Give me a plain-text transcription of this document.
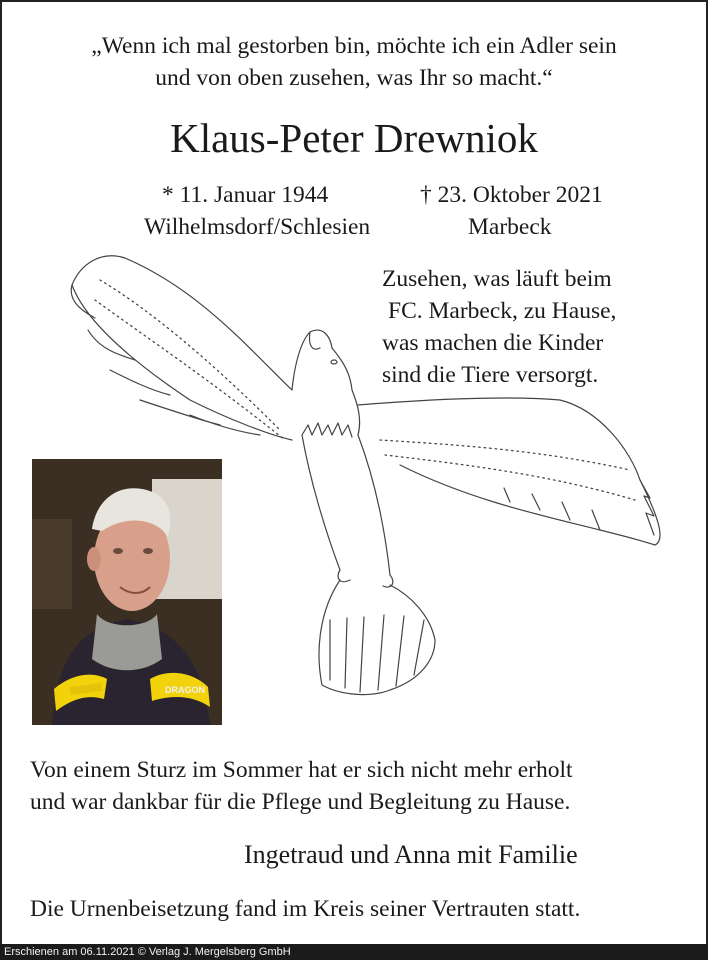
„Wenn ich mal gestorben bin, möchte ich ein Adler sein
und von oben zusehen, was Ihr so macht.“
Klaus-Peter Drewniok
* 11. Januar 1944
Wilhelmsdorf/Schlesien
† 23. Oktober 2021
Marbeck
Zusehen, was läuft beim
FC. Marbeck, zu Hause,
was machen die Kinder
sind die Tiere versorgt.
DRAGON
Von einem Sturz im Sommer hat er sich nicht mehr erholt
und war dankbar für die Pflege und Begleitung zu Hause.
Ingetraud und Anna mit Familie
Die Urnenbeisetzung fand im Kreis seiner Vertrauten statt.
Erschienen am 06.11.2021 © Verlag J. Mergelsberg GmbH
